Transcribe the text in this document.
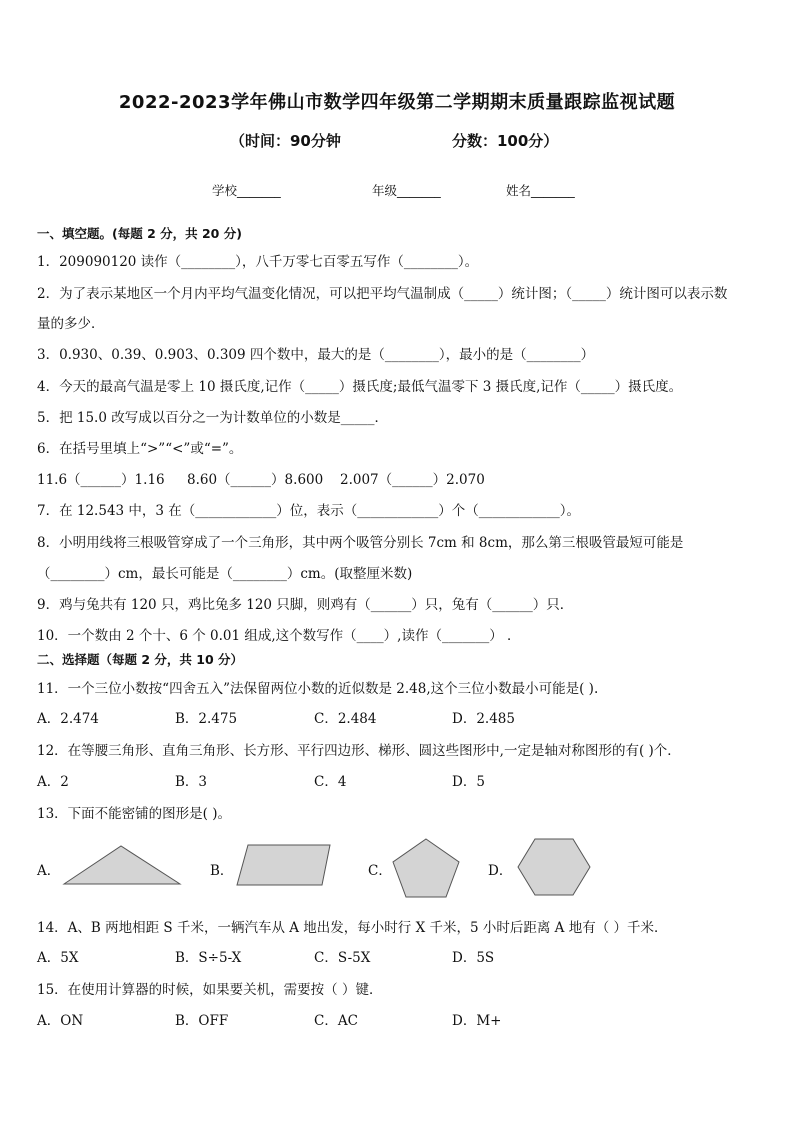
2022-2023学年佛山市数学四年级第二学期期末质量跟踪监视试题
（时间：90分钟	分数：100分）
学校_______	年级_______	姓名_______
一、填空题。(每题 2 分，共 20 分)
1．209090120 读作（________），八千万零七百零五写作（________）。
2．为了表示某地区一个月内平均气温变化情况，可以把平均气温制成（_____）统计图；（_____）统计图可以表示数
量的多少．
3．0.930、0.39、0.903、0.309 四个数中，最大的是（________），最小的是（________）
4．今天的最高气温是零上 10 摄氏度,记作（_____）摄氏度;最低气温零下 3 摄氏度,记作（_____）摄氏度。
5．把 15.0 改写成以百分之一为计数单位的小数是_____．
6．在括号里填上“>”“<”或“=”。
11.6（______）1.16 8.60（______）8.600 2.007（______）2.070
7．在 12.543 中，3 在（____________）位，表示（____________）个（____________）。
8．小明用线将三根吸管穿成了一个三角形，其中两个吸管分别长 7cm 和 8cm，那么第三根吸管最短可能是
（________）cm，最长可能是（________）cm。(取整厘米数)
9．鸡与兔共有 120 只，鸡比兔多 120 只脚，则鸡有（______）只，兔有（______）只．
10．一个数由 2 个十、6 个 0.01 组成,这个数写作（____）,读作（_______） ．
二、选择题（每题 2 分，共 10 分）
11．一个三位小数按“四舍五入”法保留两位小数的近似数是 2.48,这个三位小数最小可能是( ).
A．2.474	B．2.475	C．2.484	D．2.485
12．在等腰三角形、直角三角形、长方形、平行四边形、梯形、圆这些图形中,一定是轴对称图形的有( )个．
A．2	B．3	C．4	D．5
13．下面不能密铺的图形是( )。
A．	B．	C．	D．
14．A、B 两地相距 S 千米，一辆汽车从 A 地出发，每小时行 X 千米，5 小时后距离 A 地有（ ）千米．
A．5X	B．S÷5-X	C．S-5X	D．5S
15．在使用计算器的时候，如果要关机，需要按（ ）键．
A．ON	B．OFF	C．AC	D．M+
